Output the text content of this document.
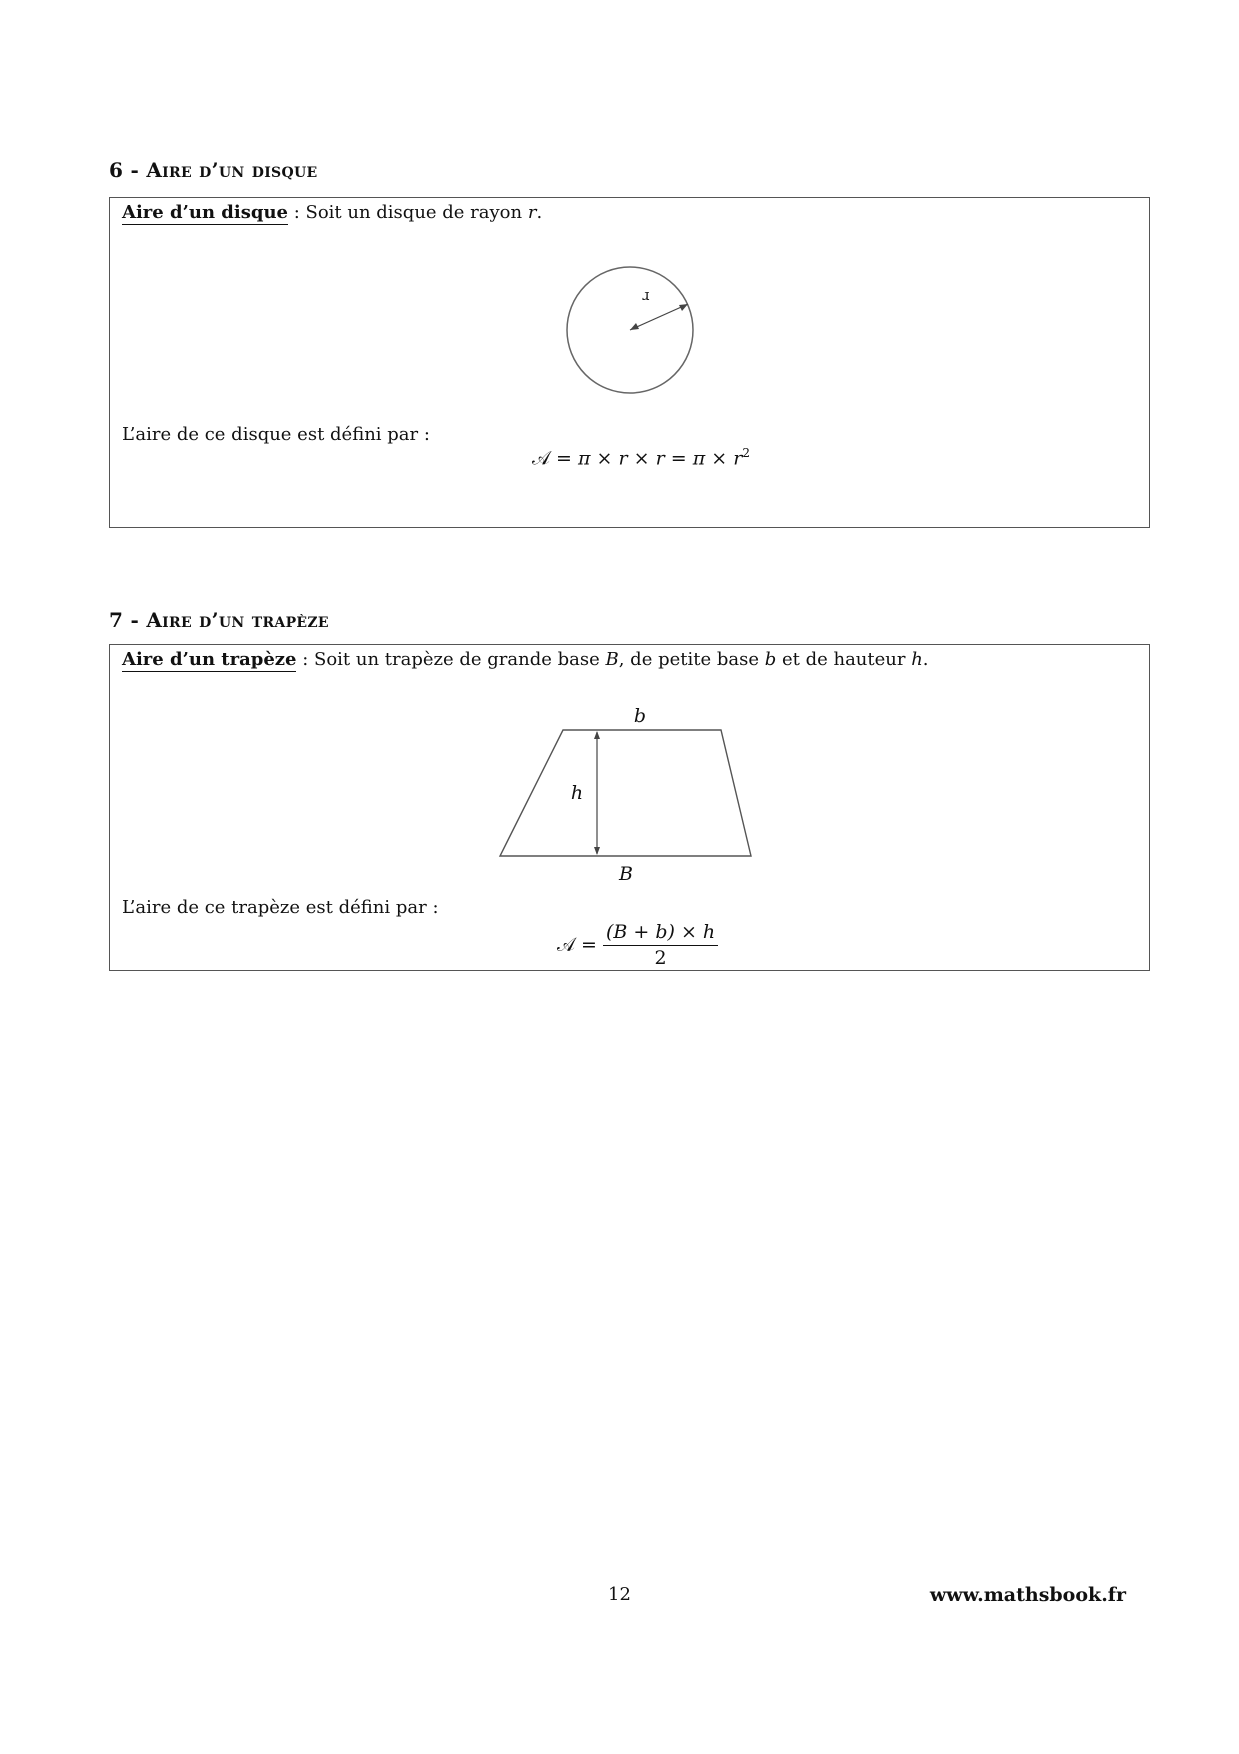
6 - Aire d’un disque
Aire d’un disque : Soit un disque de rayon r.
r
L’aire de ce disque est défini par :
𝒜 = $\pi \times r \times r = \pi \times r^2$
7 - Aire d’un trapèze
Aire d’un trapèze : Soit un trapèze de grande base B, de petite base b et de hauteur h.
b
h
B
L’aire de ce trapèze est défini par :
𝒜 = $\frac{(B + b) \times h}{2}$
12	www.mathsbook.fr
